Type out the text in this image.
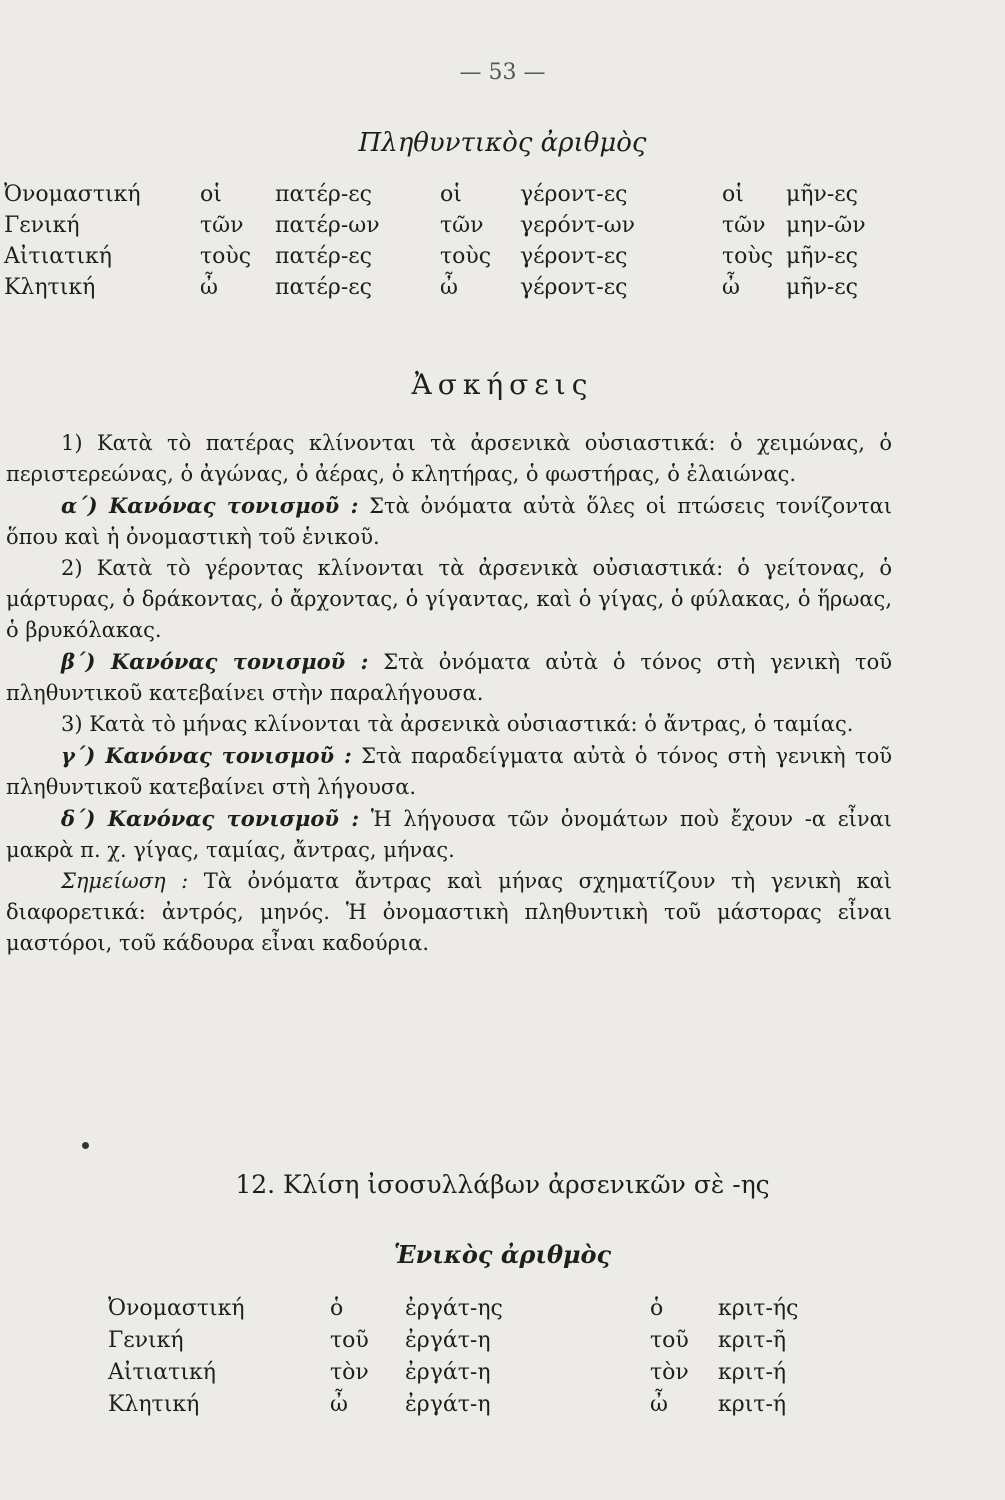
— 53 —
Πληθυντικὸς ἀριθμὸς
Ὀνομαστική	οἱ πατέρ-ες	οἱ	γέροντ-ες	οἱ μῆν-ες
Γενική	τῶν πατέρ-ων	τῶν γερόντ-ων	τῶν μην-ῶν
Αἰτιατική	τοὺς πατέρ-ες	τοὺς γέροντ-ες	τοὺς μῆν-ες
Κλητική	ὦ	πατέρ-ες	ὦ	γέροντ-ες	ὦ μῆν-ες
Ἀσκήσεις

1) Κατὰ τὸ πατέρας κλίνονται τὰ ἀρσενικὰ οὐσιαστικά: ὁ χειμώνας, ὁ περιστερεώνας, ὁ ἀγώνας, ὁ ἀέρας, ὁ κλητήρας, ὁ φωστήρας, ὁ ἐλαιώνας.

α΄) Κανόνας τονισμοῦ : Στὰ ὀνόματα αὐτὰ ὅλες οἱ πτώσεις τονίζονται ὅπου καὶ ἡ ὀνομαστικὴ τοῦ ἑνικοῦ.

2) Κατὰ τὸ γέροντας κλίνονται τὰ ἀρσενικὰ οὐσιαστικά: ὁ γείτονας, ὁ μάρτυρας, ὁ δράκοντας, ὁ ἄρχοντας, ὁ γίγαντας, καὶ ὁ γίγας, ὁ φύλακας, ὁ ἥρωας, ὁ βρυκόλακας.

β΄) Κανόνας τονισμοῦ : Στὰ ὀνόματα αὐτὰ ὁ τόνος στὴ γενικὴ τοῦ πληθυντικοῦ κατεβαίνει στὴν παραλήγουσα.

3) Κατὰ τὸ μήνας κλίνονται τὰ ἀρσενικὰ οὐσιαστικά: ὁ ἄντρας, ὁ ταμίας.

γ΄) Κανόνας τονισμοῦ : Στὰ παραδείγματα αὐτὰ ὁ τόνος στὴ γενικὴ τοῦ πληθυντικοῦ κατεβαίνει στὴ λήγουσα.

δ΄) Κανόνας τονισμοῦ : Ἡ λήγουσα τῶν ὀνομάτων ποὺ ἔχουν -α εἶναι μακρὰ π. χ. γίγας, ταμίας, ἄντρας, μήνας.

Σημείωση : Τὰ ὀνόματα ἄντρας καὶ μήνας σχηματίζουν τὴ γενικὴ καὶ διαφορετικά: ἀντρός, μηνός. Ἡ ὀνομαστικὴ πληθυντικὴ τοῦ μάστορας εἶναι μαστόροι, τοῦ κάδουρα εἶναι καδούρια.

12. Κλίση ἰσοσυλλάβων ἀρσενικῶν σὲ -ης
Ἑνικὸς ἀριθμὸς
Ὀνομαστική	ὁ	ἐργάτ-ης	ὁ κριτ-ής
Γενική	τοῦ ἐργάτ-η	τοῦ κριτ-ῆ
Αἰτιατική	τὸν ἐργάτ-η	τὸν κριτ-ή
Κλητική	ὦ	ἐργάτ-η	ὦ κριτ-ή
